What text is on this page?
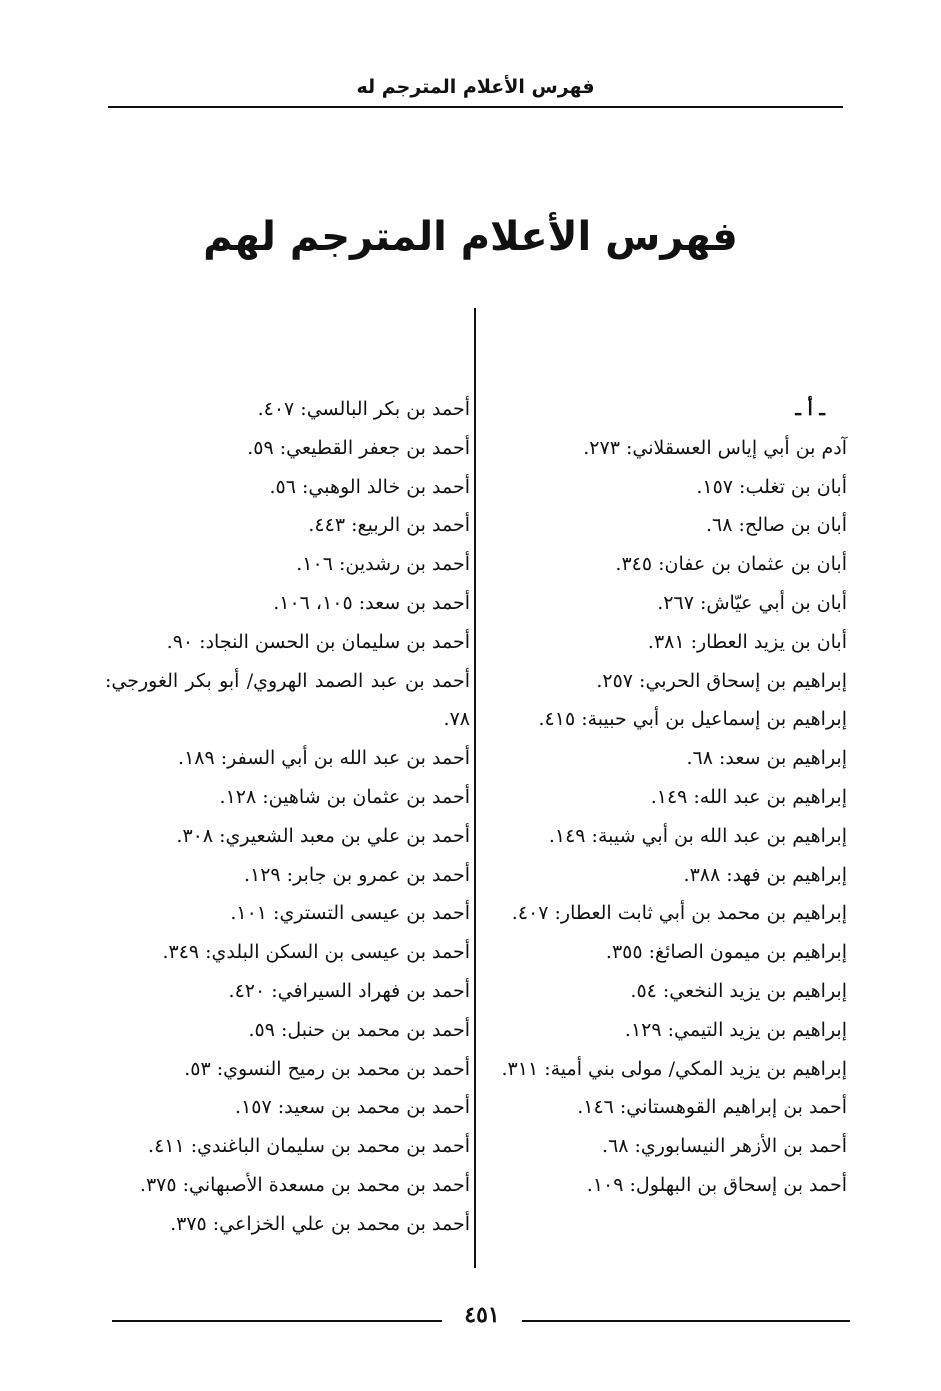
فهرس الأعلام المترجم له
فهرس الأعلام المترجم لهم
ـ أ ـ
آدم بن أبي إياس العسقلاني: ٢٧٣.
أبان بن تغلب: ١٥٧.
أبان بن صالح: ٦٨.
أبان بن عثمان بن عفان: ٣٤٥.
أبان بن أبي عيّاش: ٢٦٧.
أبان بن يزيد العطار: ٣٨١.
إبراهيم بن إسحاق الحربي: ٢٥٧.
إبراهيم بن إسماعيل بن أبي حبيبة: ٤١٥.
إبراهيم بن سعد: ٦٨.
إبراهيم بن عبد الله: ١٤٩.
إبراهيم بن عبد الله بن أبي شيبة: ١٤٩.
إبراهيم بن فهد: ٣٨٨.
إبراهيم بن محمد بن أبي ثابت العطار: ٤٠٧.
إبراهيم بن ميمون الصائغ: ٣٥٥.
إبراهيم بن يزيد النخعي: ٥٤.
إبراهيم بن يزيد التيمي: ١٢٩.
إبراهيم بن يزيد المكي/ مولى بني أمية: ٣١١.
أحمد بن إبراهيم القوهستاني: ١٤٦.
أحمد بن الأزهر النيسابوري: ٦٨.
أحمد بن إسحاق بن البهلول: ١٠٩.
أحمد بن بكر البالسي: ٤٠٧.
أحمد بن جعفر القطيعي: ٥٩.
أحمد بن خالد الوهبي: ٥٦.
أحمد بن الربيع: ٤٤٣.
أحمد بن رشدين: ١٠٦.
أحمد بن سعد: ١٠٥، ١٠٦.
أحمد بن سليمان بن الحسن النجاد: ٩٠.
أحمد بن عبد الصمد الهروي/ أبو بكر الغورجي: ٧٨.
أحمد بن عبد الله بن أبي السفر: ١٨٩.
أحمد بن عثمان بن شاهين: ١٢٨.
أحمد بن علي بن معبد الشعيري: ٣٠٨.
أحمد بن عمرو بن جابر: ١٢٩.
أحمد بن عيسى التستري: ١٠١.
أحمد بن عيسى بن السكن البلدي: ٣٤٩.
أحمد بن فهراد السيرافي: ٤٢٠.
أحمد بن محمد بن حنبل: ٥٩.
أحمد بن محمد بن رميح النسوي: ٥٣.
أحمد بن محمد بن سعيد: ١٥٧.
أحمد بن محمد بن سليمان الباغندي: ٤١١.
أحمد بن محمد بن مسعدة الأصبهاني: ٣٧٥.
أحمد بن محمد بن علي الخزاعي: ٣٧٥.
٤٥١
